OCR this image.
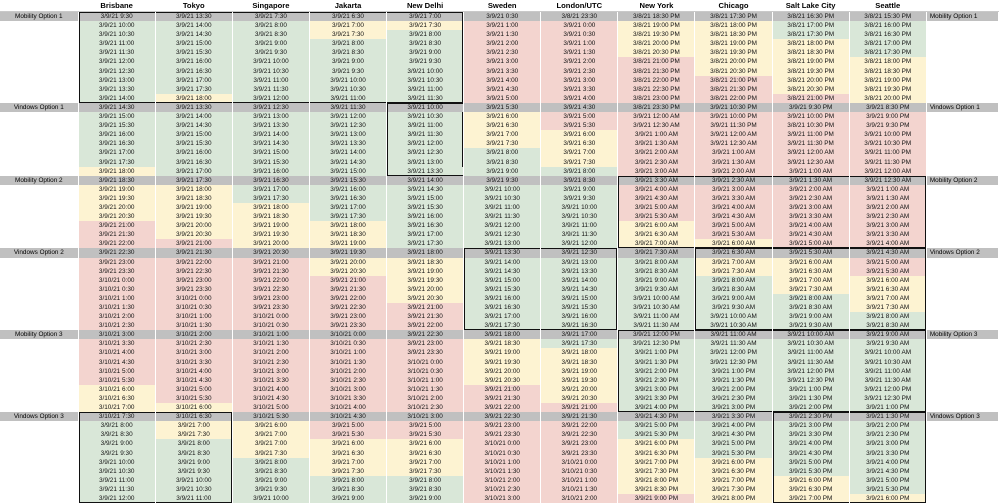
	Brisbane	Tokyo	Singapore	Jakarta	New Delhi	Sweden	London/UTC	New York	Chicago	Salt Lake City	Seattle	
Mobility Option 1	3/9/21 9:30	3/9/21 13:30	3/9/21 7:30	3/9/21 6:30	3/9/21 7:00	3/9/21 0:30	3/8/21 23:30	3/8/21 18:30 PM	3/8/21 17:30 PM	3/8/21 16:30 PM	3/8/21 15:30 PM	Mobility Option 1
	3/9/21 10:00	3/9/21 14:00	3/9/21 8:00	3/9/21 7:00	3/9/21 7:30	3/9/21 1:00	3/9/21 0:00	3/8/21 19:00 PM	3/8/21 18:00 PM	3/8/21 17:00 PM	3/8/21 16:00 PM	
	3/9/21 10:30	3/9/21 14:30	3/9/21 8:30	3/9/21 7:30	3/9/21 8:00	3/9/21 1:30	3/9/21 0:30	3/8/21 19:30 PM	3/8/21 18:30 PM	3/8/21 17:30 PM	3/8/21 16:30 PM	
	3/9/21 11:00	3/9/21 15:00	3/9/21 9:00	3/9/21 8:00	3/9/21 8:30	3/9/21 2:00	3/9/21 1:00	3/8/21 20:00 PM	3/8/21 19:00 PM	3/8/21 18:00 PM	3/8/21 17:00 PM	
	3/9/21 11:30	3/9/21 15:30	3/9/21 9:30	3/9/21 8:30	3/9/21 9:00	3/9/21 2:30	3/9/21 1:30	3/8/21 20:30 PM	3/8/21 19:30 PM	3/8/21 18:30 PM	3/8/21 17:30 PM	
	3/9/21 12:00	3/9/21 16:00	3/9/21 10:00	3/9/21 9:00	3/9/21 9:30	3/9/21 3:00	3/9/21 2:00	3/8/21 21:00 PM	3/8/21 20:00 PM	3/8/21 19:00 PM	3/8/21 18:00 PM	
	3/9/21 12:30	3/9/21 16:30	3/9/21 10:30	3/9/21 9:30	3/9/21 10:00	3/9/21 3:30	3/9/21 2:30	3/8/21 21:30 PM	3/8/21 20:30 PM	3/8/21 19:30 PM	3/8/21 18:30 PM	
	3/9/21 13:00	3/9/21 17:00	3/9/21 11:00	3/9/21 10:00	3/9/21 10:30	3/9/21 4:00	3/9/21 3:00	3/8/21 22:00 PM	3/8/21 21:00 PM	3/8/21 20:00 PM	3/8/21 19:00 PM	
	3/9/21 13:30	3/9/21 17:30	3/9/21 11:30	3/9/21 10:30	3/9/21 11:00	3/9/21 4:30	3/9/21 3:30	3/8/21 22:30 PM	3/8/21 21:30 PM	3/8/21 20:30 PM	3/8/21 19:30 PM	
	3/9/21 14:00	3/9/21 18:00	3/9/21 12:00	3/9/21 11:00	3/9/21 11:30	3/9/21 5:00	3/9/21 4:00	3/8/21 23:00 PM	3/8/21 22:00 PM	3/8/21 21:00 PM	3/8/21 20:00 PM	
Vindows Option 1	3/9/21 14:30	3/9/21 13:30	3/9/21 12:30	3/9/21 11:30	3/9/21 10:00	3/9/21 5:30	3/9/21 4:30	3/8/21 23:30 PM	3/9/21 10:30 PM	3/9/21 9:30 PM	3/9/21 8:30 PM	Vindows Option 1
	3/9/21 15:00	3/9/21 14:00	3/9/21 13:00	3/9/21 12:00	3/9/21 10:30	3/9/21 6:00	3/9/21 5:00	3/9/21 12:00 AM	3/9/21 10:00 PM	3/9/21 10:00 PM	3/9/21 9:00 PM	
	3/9/21 15:30	3/9/21 14:30	3/9/21 13:30	3/9/21 12:30	3/9/21 11:00	3/9/21 6:30	3/9/21 5:30	3/9/21 12:30 AM	3/9/21 11:30 PM	3/8/21 10:30 PM	3/9/21 9:30 PM	
	3/9/21 16:00	3/9/21 15:00	3/9/21 14:00	3/9/21 13:00	3/9/21 11:30	3/9/21 7:00	3/9/21 6:00	3/9/21 1:00 AM	3/9/21 12:00 AM	3/9/21 11:00 PM	3/9/21 10:00 PM	
	3/9/21 16:30	3/9/21 15:30	3/9/21 14:30	3/9/21 13:30	3/9/21 12:00	3/9/21 7:30	3/9/21 6:30	3/9/21 1:30 AM	3/9/21 12:30 AM	3/9/21 11:30 PM	3/9/21 10:30 PM	
	3/9/21 17:00	3/9/21 16:00	3/9/21 15:00	3/9/21 14:00	3/9/21 12:30	3/9/21 8:00	3/9/21 7:00	3/9/21 2:00 AM	3/9/21 1:00 AM	3/9/21 12:00 AM	3/9/21 11:00 PM	
	3/9/21 17:30	3/9/21 16:30	3/9/21 15:30	3/9/21 14:30	3/9/21 13:00	3/9/21 8:30	3/9/21 7:30	3/9/21 2:30 AM	3/9/21 1:30 AM	3/9/21 12:30 AM	3/9/21 11:30 PM	
	3/9/21 18:00	3/9/21 17:00	3/9/21 16:00	3/9/21 15:00	3/9/21 13:30	3/9/21 9:00	3/9/21 8:00	3/9/21 3:00 AM	3/9/21 2:00 AM	3/9/21 1:00 AM	3/9/21 12:00 AM	
Mobility Option 2	3/9/21 18:30	3/9/21 17:30	3/9/21 16:30	3/9/21 15:30	3/9/21 14:00	3/9/21 9:30	3/9/21 8:30	3/9/21 3:30 AM	3/9/21 2:30 AM	3/9/21 1:30 AM	3/9/21 12:30 AM	Mobility Option 2
	3/9/21 19:00	3/9/21 18:00	3/9/21 17:00	3/9/21 16:00	3/9/21 14:30	3/9/21 10:00	3/9/21 9:00	3/9/21 4:00 AM	3/9/21 3:00 AM	3/9/21 2:00 AM	3/9/21 1:00 AM	
	3/9/21 19:30	3/9/21 18:30	3/9/21 17:30	3/9/21 16:30	3/9/21 15:00	3/9/21 10:30	3/9/21 9:30	3/9/21 4:30 AM	3/9/21 3:30 AM	3/9/21 2:30 AM	3/9/21 1:30 AM	
	3/9/21 20:00	3/9/21 19:00	3/9/21 18:00	3/9/21 17:00	3/9/21 15:30	3/9/21 11:00	3/9/21 10:00	3/9/21 5:00 AM	3/9/21 4:00 AM	3/9/21 3:00 AM	3/9/21 2:00 AM	
	3/9/21 20:30	3/9/21 19:30	3/9/21 18:30	3/9/21 17:30	3/9/21 16:00	3/9/21 11:30	3/9/21 10:30	3/9/21 5:30 AM	3/9/21 4:30 AM	3/9/21 3:30 AM	3/9/21 2:30 AM	
	3/9/21 21:00	3/9/21 20:00	3/9/21 19:00	3/9/21 18:00	3/9/21 16:30	3/9/21 12:00	3/9/21 11:00	3/9/21 6:00 AM	3/9/21 5:00 AM	3/9/21 4:00 AM	3/9/21 3:00 AM	
	3/9/21 21:30	3/9/21 20:30	3/9/21 19:30	3/9/21 18:30	3/9/21 17:00	3/9/21 12:30	3/9/21 11:30	3/9/21 6:30 AM	3/9/21 5:30 AM	3/9/21 4:30 AM	3/9/21 3:30 AM	
	3/9/21 22:00	3/9/21 21:00	3/9/21 20:00	3/9/21 19:00	3/9/21 17:30	3/9/21 13:00	3/9/21 12:00	3/9/21 7:00 AM	3/9/21 6:00 AM	3/9/21 5:00 AM	3/9/21 4:00 AM	
Vindows Option 2	3/9/21 22:30	3/9/21 21:30	3/9/21 20:30	3/9/21 19:30	3/9/21 18:00	3/9/21 13:30	3/9/21 12:30	3/9/21 7:30 AM	3/9/21 6:30 AM	3/9/21 5:30 AM	3/9/21 4:30 AM	Vindows Option 2
	3/9/21 23:00	3/9/21 22:00	3/9/21 21:00	3/9/21 20:00	3/9/21 18:30	3/9/21 14:00	3/9/21 13:00	3/9/21 8:00 AM	3/9/21 7:00 AM	3/9/21 6:00 AM	3/9/21 5:00 AM	
	3/9/21 23:30	3/9/21 22:30	3/9/21 21:30	3/9/21 20:30	3/9/21 19:00	3/9/21 14:30	3/9/21 13:30	3/9/21 8:30 AM	3/9/21 7:30 AM	3/9/21 6:30 AM	3/9/21 5:30 AM	
	3/10/21 0:00	3/9/21 23:00	3/9/21 22:00	3/9/21 21:00	3/9/21 19:30	3/9/21 15:00	3/9/21 14:00	3/9/21 9:00 AM	3/9/21 8:00 AM	3/9/21 7:00 AM	3/9/21 6:00 AM	
	3/10/21 0:30	3/9/21 23:30	3/9/21 22:30	3/9/21 21:30	3/9/21 20:00	3/9/21 15:30	3/9/21 14:30	3/9/21 9:30 AM	3/9/21 8:30 AM	3/9/21 7:30 AM	3/9/21 6:30 AM	
	3/10/21 1:00	3/10/21 0:00	3/9/21 23:00	3/9/21 22:00	3/9/21 20:30	3/9/21 16:00	3/9/21 15:00	3/9/21 10:00 AM	3/9/21 9:00 AM	3/9/21 8:00 AM	3/9/21 7:00 AM	
	3/10/21 1:30	3/10/21 0:30	3/9/21 23:30	3/9/21 22:30	3/9/21 21:00	3/9/21 16:30	3/9/21 15:30	3/9/21 10:30 AM	3/9/21 9:30 AM	3/9/21 8:30 AM	3/9/21 7:30 AM	
	3/10/21 2:00	3/10/21 1:00	3/10/21 0:00	3/9/21 23:00	3/9/21 21:30	3/9/21 17:00	3/9/21 16:00	3/9/21 11:00 AM	3/9/21 10:00 AM	3/9/21 9:00 AM	3/9/21 8:00 AM	
	3/10/21 2:30	3/10/21 1:30	3/10/21 0:30	3/9/21 23:30	3/9/21 22:00	3/9/21 17:30	3/9/21 16:30	3/9/21 11:30 AM	3/9/21 10:30 AM	3/9/21 9:30 AM	3/9/21 8:30 AM	
Mobility Option 3	3/10/21 3:00	3/10/21 2:00	3/10/21 1:00	3/10/21 0:00	3/9/21 22:30	3/9/21 18:00	3/9/21 17:00	3/9/21 12:00 PM	3/9/21 11:00 AM	3/9/21 10:00 AM	3/9/21 9:00 AM	Mobility Option 3
	3/10/21 3:30	3/10/21 2:30	3/10/21 1:30	3/10/21 0:30	3/9/21 23:00	3/9/21 18:30	3/9/21 17:30	3/9/21 12:30 PM	3/9/21 11:30 AM	3/9/21 10:30 AM	3/9/21 9:30 AM	
	3/10/21 4:00	3/10/21 3:00	3/10/21 2:00	3/10/21 1:00	3/9/21 23:30	3/9/21 19:00	3/9/21 18:00	3/9/21 1:00 PM	3/9/21 12:00 PM	3/9/21 11:00 AM	3/9/21 10:00 AM	
	3/10/21 4:30	3/10/21 3:30	3/10/21 2:30	3/10/21 1:30	3/10/21 0:00	3/9/21 19:30	3/9/21 18:30	3/9/21 1:30 PM	3/9/21 12:30 PM	3/9/21 11:30 AM	3/9/21 10:30 AM	
	3/10/21 5:00	3/10/21 4:00	3/10/21 3:00	3/10/21 2:00	3/10/21 0:30	3/9/21 20:00	3/9/21 19:00	3/9/21 2:00 PM	3/9/21 1:00 PM	3/9/21 12:00 PM	3/9/21 11:00 AM	
	3/10/21 5:30	3/10/21 4:30	3/10/21 3:30	3/10/21 2:30	3/10/21 1:00	3/9/21 20:30	3/9/21 19:30	3/9/21 2:30 PM	3/9/21 1:30 PM	3/9/21 12:30 PM	3/9/21 11:30 AM	
	3/10/21 6:00	3/10/21 5:00	3/10/21 4:00	3/10/21 3:00	3/10/21 1:30	3/9/21 21:00	3/9/21 20:00	3/9/21 3:00 PM	3/9/21 2:00 PM	3/9/21 1:00 PM	3/9/21 12:00 PM	
	3/10/21 6:30	3/10/21 5:30	3/10/21 4:30	3/10/21 3:30	3/10/21 2:00	3/9/21 21:30	3/9/21 20:30	3/9/21 3:30 PM	3/9/21 2:30 PM	3/9/21 1:30 PM	3/9/21 12:30 PM	
	3/10/21 7:00	3/10/21 6:00	3/10/21 5:00	3/10/21 4:00	3/10/21 2:30	3/9/21 22:00	3/9/21 21:00	3/9/21 4:00 PM	3/9/21 3:00 PM	3/9/21 2:00 PM	3/9/21 1:00 PM	
Vindows Option 3	3/10/21 7:30	3/10/21 6:30	3/10/21 5:30	3/10/21 4:30	3/10/21 3:00	3/9/21 22:30	3/9/21 21:30	3/9/21 4:30 PM	3/9/21 3:30 PM	3/9/21 2:30 PM	3/9/21 1:30 PM	Vindows Option 3
	3/9/21 8:00	3/9/21 7:00	3/9/21 6:00	3/9/21 5:00	3/9/21 5:00	3/9/21 23:00	3/9/21 22:00	3/9/21 5:00 PM	3/9/21 4:00 PM	3/9/21 3:00 PM	3/9/21 2:00 PM	
	3/9/21 8:30	3/9/21 7:30	3/9/21 7:00	3/9/21 5:30	3/9/21 5:30	3/9/21 23:30	3/9/21 22:30	3/9/21 5:30 PM	3/9/21 4:30 PM	3/9/21 3:30 PM	3/9/21 2:30 PM	
	3/9/21 9:00	3/9/21 8:00	3/9/21 7:00	3/9/21 6:00	3/9/21 6:00	3/10/21 0:00	3/9/21 23:00	3/9/21 6:00 PM	3/9/21 5:00 PM	3/9/21 4:00 PM	3/9/21 3:00 PM	
	3/9/21 9:30	3/9/21 8:30	3/9/21 7:30	3/9/21 6:30	3/9/21 6:30	3/10/21 0:30	3/9/21 23:30	3/9/21 6:30 PM	3/9/21 5:30 PM	3/9/21 4:30 PM	3/9/21 3:30 PM	
	3/9/21 10:00	3/9/21 9:00	3/9/21 8:00	3/9/21 7:00	3/9/21 7:00	3/10/21 1:00	3/10/21 0:00	3/9/21 7:00 PM	3/9/21 6:00 PM	3/9/21 5:00 PM	3/9/21 4:00 PM	
	3/9/21 10:30	3/9/21 9:30	3/9/21 8:30	3/9/21 7:30	3/9/21 7:30	3/10/21 1:30	3/10/21 0:30	3/9/21 7:30 PM	3/9/21 6:30 PM	3/9/21 5:30 PM	3/9/21 4:30 PM	
	3/9/21 11:00	3/9/21 10:00	3/9/21 9:00	3/9/21 8:00	3/9/21 8:00	3/10/21 2:00	3/10/21 1:00	3/9/21 8:00 PM	3/9/21 7:00 PM	3/9/21 6:00 PM	3/9/21 5:00 PM	
	3/9/21 11:30	3/9/21 10:30	3/9/21 9:30	3/9/21 8:30	3/9/21 8:30	3/10/21 2:30	3/10/21 1:30	3/9/21 8:30 PM	3/9/21 7:30 PM	3/9/21 6:30 PM	3/9/21 5:30 PM	
	3/9/21 12:00	3/9/21 11:00	3/9/21 10:00	3/9/21 9:00	3/9/21 9:00	3/10/21 3:00	3/10/21 2:00	3/9/21 9:00 PM	3/9/21 8:00 PM	3/9/21 7:00 PM	3/9/21 6:00 PM	
